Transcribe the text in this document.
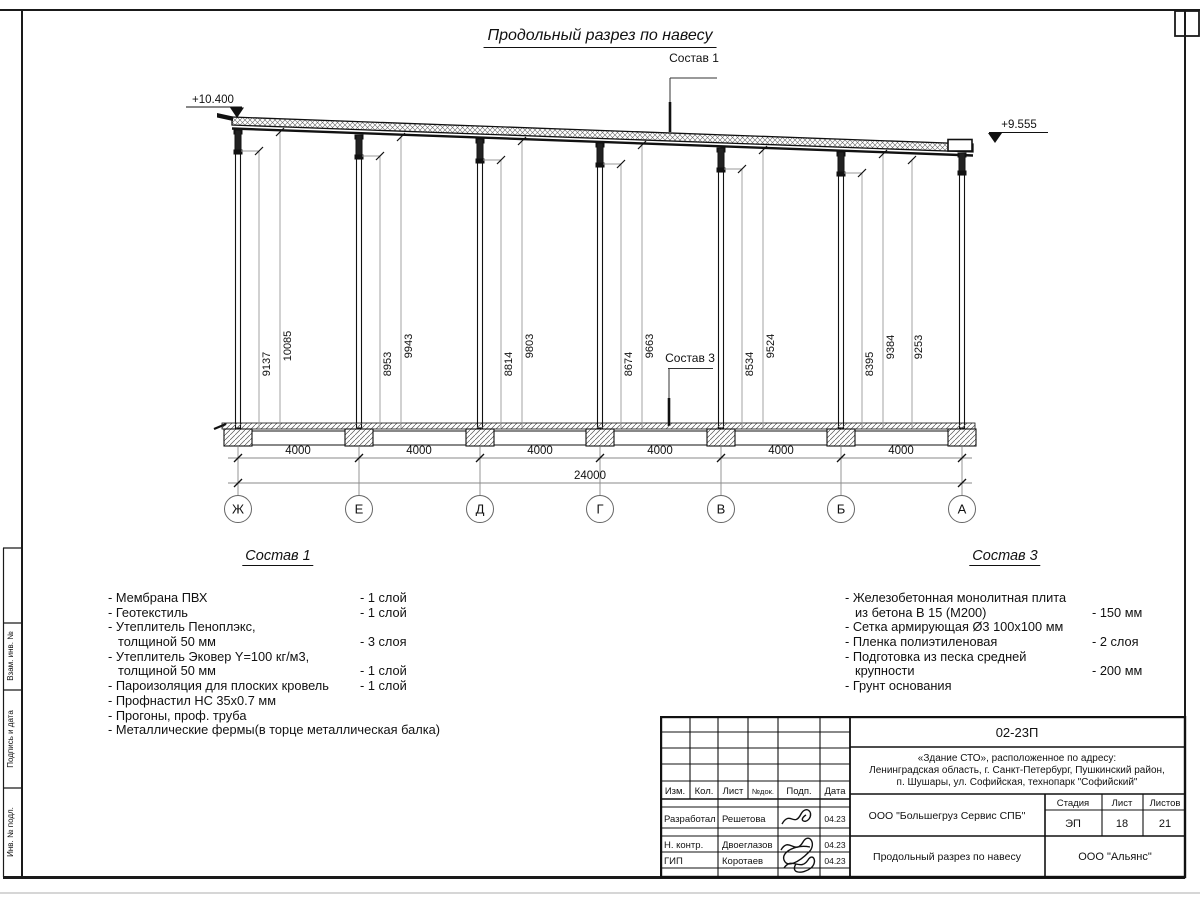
Взам. инв. №
Подпись и дата
Инв. № подл.
+10.400
+9.555
Состав 1
Состав 3
9137
10085
8953
9943
8814
9803
8674
9663
8534
9524
8395
9384 9253
4000	4000	4000	4000	4000	4000
24000
Ж	Е	Д	Г	В	Б	А
Продольный разрез по навесу
Состав 1
- Мембрана ПВХ	- 1 слой
- Геотекстиль	- 1 слой
- Утеплитель Пеноплэкс,
толщиной 50 мм	- 3 слоя
- Утеплитель Эковер Y=100 кг/м3,
толщиной 50 мм	- 1 слой
- Пароизоляция для плоских кровель - 1 слой
- Профнастил НС 35х0.7 мм
- Прогоны, проф. труба
- Металлические фермы(в торце металлическая балка)
Состав 3
- Железобетонная монолитная плита
из бетона В 15 (М200)	- 150 мм
- Сетка армирующая Ø3 100х100 мм
- Пленка полиэтиленовая	- 2 слоя
- Подготовка из песка средней
крупности	- 200 мм
- Грунт основания
Изм. Кол. Лист №док. Подп. Дата
Разработал Решетова	04.23
Н. контр. Двоеглазов	04.23
ГИП	Коротаев	04.23
02-23П
«Здание СТО», расположенное по адресу:
Ленинградская область, г. Санкт-Петербург, Пушкинский район,
п. Шушары, ул. Софийская, технопарк "Софийский"
ООО "Большегруз Сервис СПБ"
Продольный разрез по навесу	ООО "Альянс"
Стадия Лист Листов
ЭП	18	21
